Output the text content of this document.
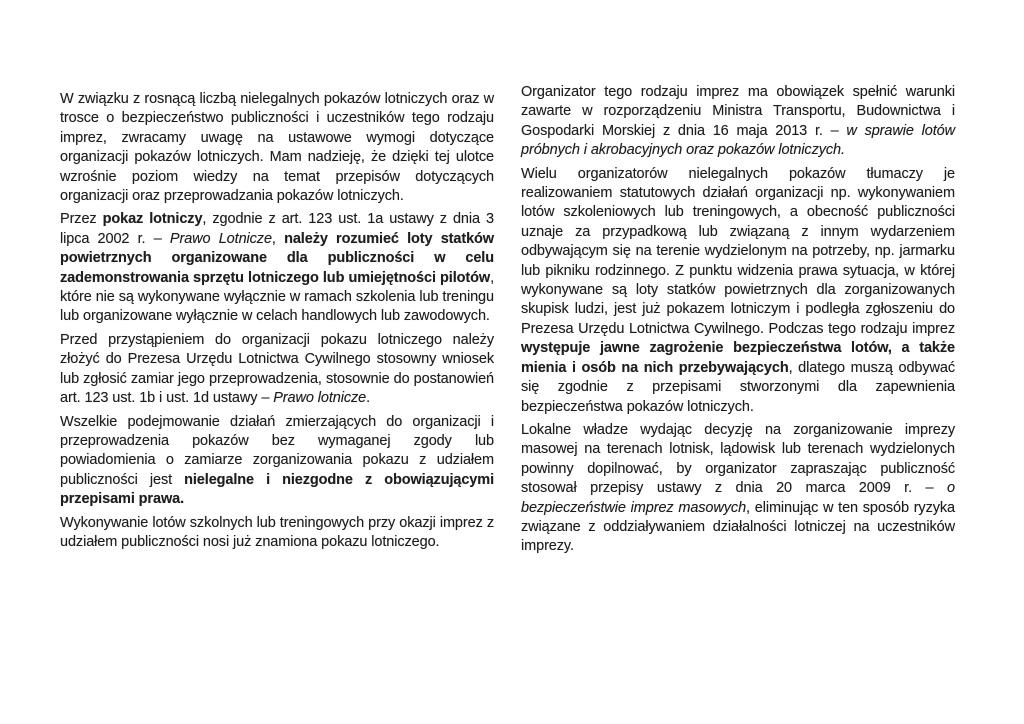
W związku z rosnącą liczbą nielegalnych pokazów lotniczych oraz w trosce o bezpieczeństwo publiczności i uczestników tego rodzaju imprez, zwracamy uwagę na ustawowe wymogi dotyczące organizacji pokazów lotniczych. Mam nadzieję, że dzięki tej ulotce wzrośnie poziom wiedzy na temat przepisów dotyczących organizacji oraz przeprowadzania pokazów lotniczych.

Przez pokaz lotniczy, zgodnie z art. 123 ust. 1a ustawy z dnia 3 lipca 2002 r. – Prawo Lotnicze, należy rozumieć loty statków powietrznych organizowane dla publiczności w celu zademonstrowania sprzętu lotniczego lub umiejętności pilotów, które nie są wykonywane wyłącznie w ramach szkolenia lub treningu lub organizowane wyłącznie w celach handlowych lub zawodowych.

Przed przystąpieniem do organizacji pokazu lotniczego należy złożyć do Prezesa Urzędu Lotnictwa Cywilnego stosowny wniosek lub zgłosić zamiar jego przeprowadzenia, stosownie do postanowień art. 123 ust. 1b i ust. 1d ustawy – Prawo lotnicze.

Wszelkie podejmowanie działań zmierzających do organizacji i przeprowadzenia pokazów bez wymaganej zgody lub powiadomienia o zamiarze zorganizowania pokazu z udziałem publiczności jest nielegalne i niezgodne z obowiązującymi przepisami prawa.

Wykonywanie lotów szkolnych lub treningowych przy okazji imprez z udziałem publiczności nosi już znamiona pokazu lotniczego.

Organizator tego rodzaju imprez ma obowiązek spełnić warunki zawarte w rozporządzeniu Ministra Transportu, Budownictwa i Gospodarki Morskiej z dnia 16 maja 2013 r. – w sprawie lotów próbnych i akrobacyjnych oraz pokazów lotniczych.

Wielu organizatorów nielegalnych pokazów tłumaczy je realizowaniem statutowych działań organizacji np. wykonywaniem lotów szkoleniowych lub treningowych, a obecność publiczności uznaje za przypadkową lub związaną z innym wydarzeniem odbywającym się na terenie wydzielonym na potrzeby, np. jarmarku lub pikniku rodzinnego. Z punktu widzenia prawa sytuacja, w której wykonywane są loty statków powietrznych dla zorganizowanych skupisk ludzi, jest już pokazem lotniczym i podległa zgłoszeniu do Prezesa Urzędu Lotnictwa Cywilnego. Podczas tego rodzaju imprez występuje jawne zagrożenie bezpieczeństwa lotów, a także mienia i osób na nich przebywających, dlatego muszą odbywać się zgodnie z przepisami stworzonymi dla zapewnienia bezpieczeństwa pokazów lotniczych.

Lokalne władze wydając decyzję na zorganizowanie imprezy masowej na terenach lotnisk, lądowisk lub terenach wydzielonych powinny dopilnować, by organizator zapraszając publiczność stosował przepisy ustawy z dnia 20 marca 2009 r. – o bezpieczeństwie imprez masowych, eliminując w ten sposób ryzyka związane z oddziaływaniem działalności lotniczej na uczestników imprezy.
